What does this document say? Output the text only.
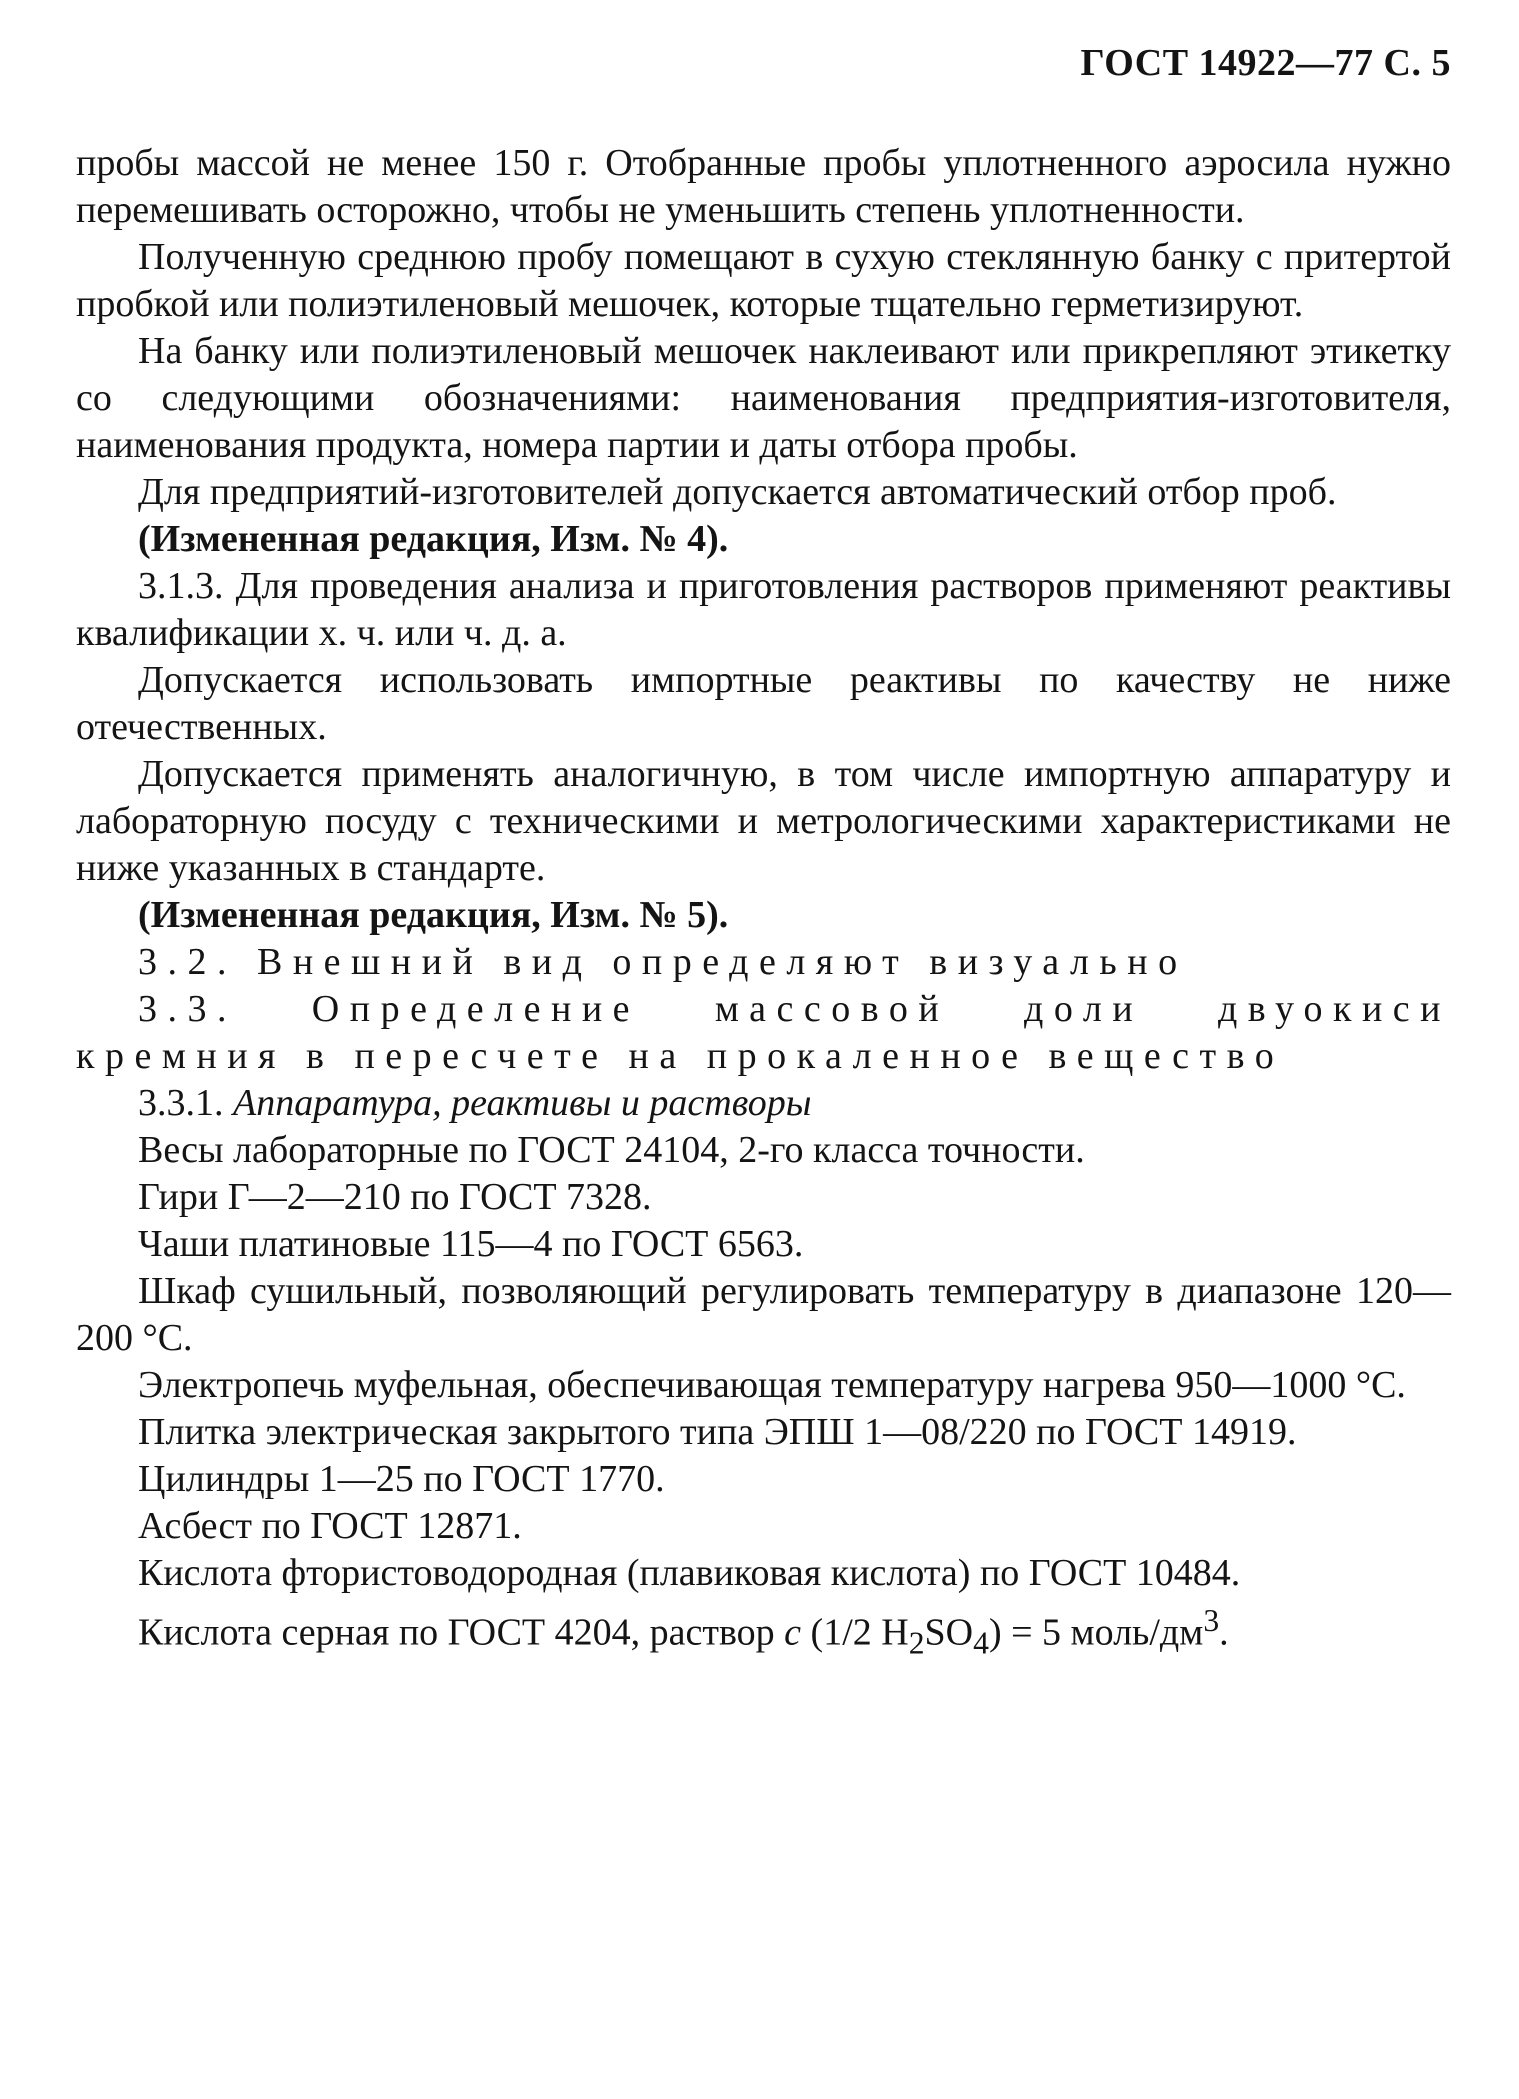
ГОСТ 14922—77 С. 5

пробы массой не менее 150 г. Отобранные пробы уплотненного аэросила нужно перемешивать осторожно, чтобы не уменьшить степень уплотненности.

Полученную среднюю пробу помещают в сухую стеклянную банку с притертой пробкой или полиэтиленовый мешочек, которые тщательно герметизируют.

На банку или полиэтиленовый мешочек наклеивают или прикрепляют этикетку со следующими обозначениями: наименования предприятия-изготовителя, наименования продукта, номера партии и даты отбора пробы.

Для предприятий-изготовителей допускается автоматический отбор проб.

(Измененная редакция, Изм. № 4).

3.1.3. Для проведения анализа и приготовления растворов применяют реактивы квалификации х. ч. или ч. д. а.

Допускается использовать импортные реактивы по качеству не ниже отечественных.

Допускается применять аналогичную, в том числе импортную аппаратуру и лабораторную посуду с техническими и метрологическими характеристиками не ниже указанных в стандарте.

(Измененная редакция, Изм. № 5).

3.2. Внешний вид определяют визуально

3.3. Определение массовой доли двуокиси кремния в пересчете на прокаленное вещество

3.3.1. Аппаратура, реактивы и растворы

Весы лабораторные по ГОСТ 24104, 2-го класса точности.

Гири Г—2—210 по ГОСТ 7328.

Чаши платиновые 115—4 по ГОСТ 6563.

Шкаф сушильный, позволяющий регулировать температуру в диапазоне 120—200 °С.

Электропечь муфельная, обеспечивающая температуру нагрева 950—1000 °С.

Плитка электрическая закрытого типа ЭПШ 1—08/220 по ГОСТ 14919.

Цилиндры 1—25 по ГОСТ 1770.

Асбест по ГОСТ 12871.

Кислота фтористоводородная (плавиковая кислота) по ГОСТ 10484.

Кислота серная по ГОСТ 4204, раствор c (1/2 $H_2SO_4) = 5$ моль/$дм^3$.
